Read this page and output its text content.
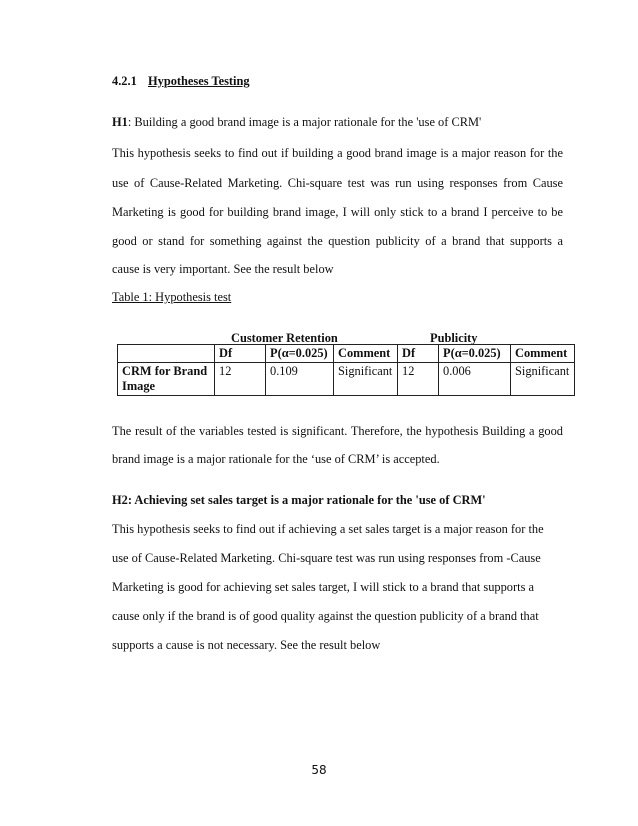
4.2.1 Hypotheses Testing
H1: Building a good brand image is a major rationale for the 'use of CRM'
This hypothesis seeks to find out if building a good brand image is a major reason for the
use of Cause-Related Marketing. Chi-square test was run using responses from Cause
Marketing is good for building brand image, I will only stick to a brand I perceive to be
good or stand for something against the question publicity of a brand that supports a
cause is very important. See the result below
Table 1: Hypothesis test
Customer Retention	Publicity
	Df	P(α=0.025)	Comment	Df	P(α=0.025)	Comment
CRM for Brand
Image	12	0.109	Significant	12	0.006	Significant
The result of the variables tested is significant. Therefore, the hypothesis Building a good
brand image is a major rationale for the ‘use of CRM’ is accepted.
H2: Achieving set sales target is a major rationale for the 'use of CRM'
This hypothesis seeks to find out if achieving a set sales target is a major reason for the
use of Cause-Related Marketing. Chi-square test was run using responses from -Cause
Marketing is good for achieving set sales target, I will stick to a brand that supports a
cause only if the brand is of good quality against the question publicity of a brand that
supports a cause is not necessary. See the result below
58
